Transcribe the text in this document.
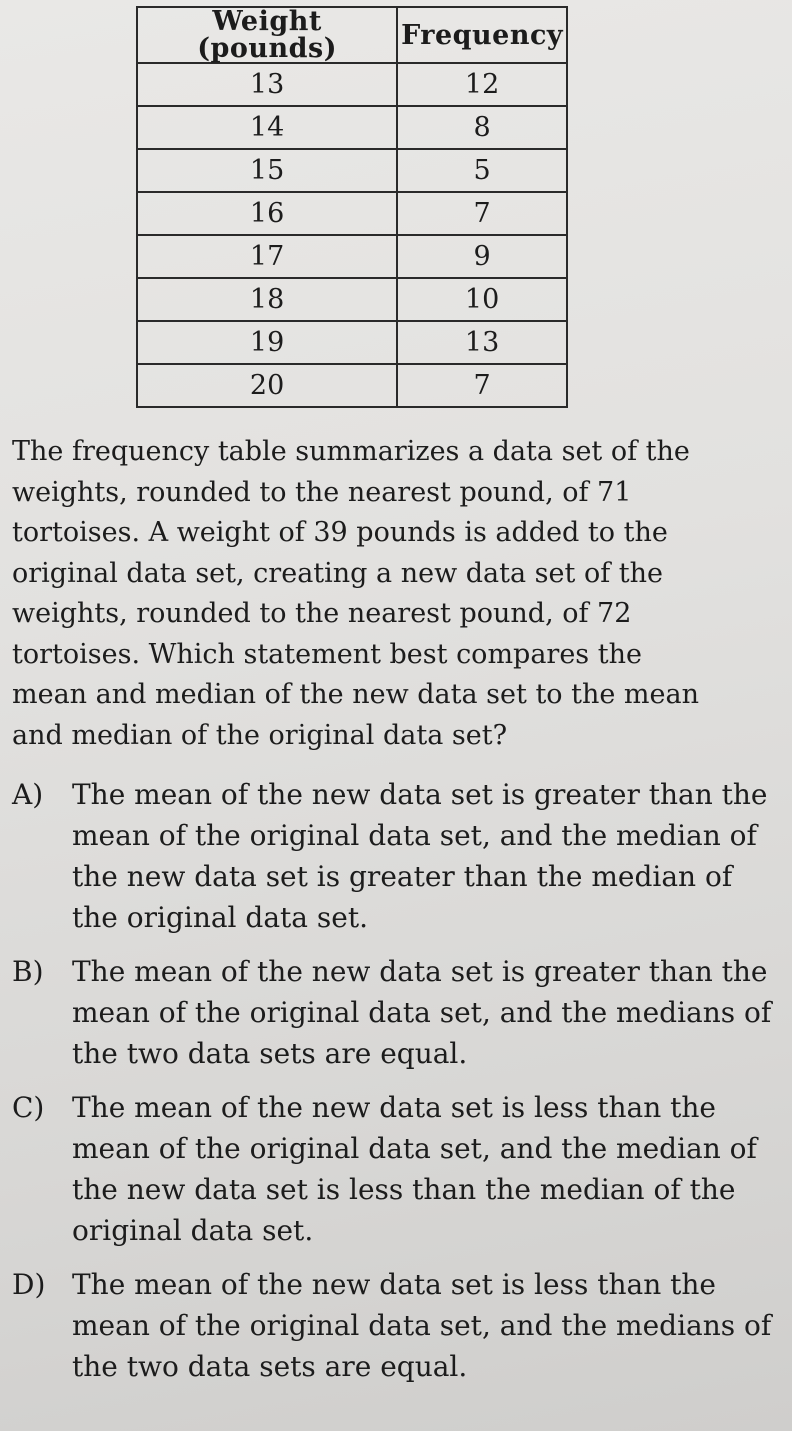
Weight (pounds)	Frequency
13	12
14	8
15	5
16	7
17	9
18	10
19	13
20	7

The frequency table summarizes a data set of the weights, rounded to the nearest pound, of 71 tortoises. A weight of 39 pounds is added to the original data set, creating a new data set of the weights, rounded to the nearest pound, of 72 tortoises. Which statement best compares the mean and median of the new data set to the mean and median of the original data set?

A)	The mean of the new data set is greater than the mean of the original data set, and the median of the new data set is greater than the median of the original data set.
B)	The mean of the new data set is greater than the mean of the original data set, and the medians of the two data sets are equal.
C) The mean of the new data set is less than the mean of the original data set, and the median of the new data set is less than the median of the original data set.
D) The mean of the new data set is less than the mean of the original data set, and the medians of the two data sets are equal.
